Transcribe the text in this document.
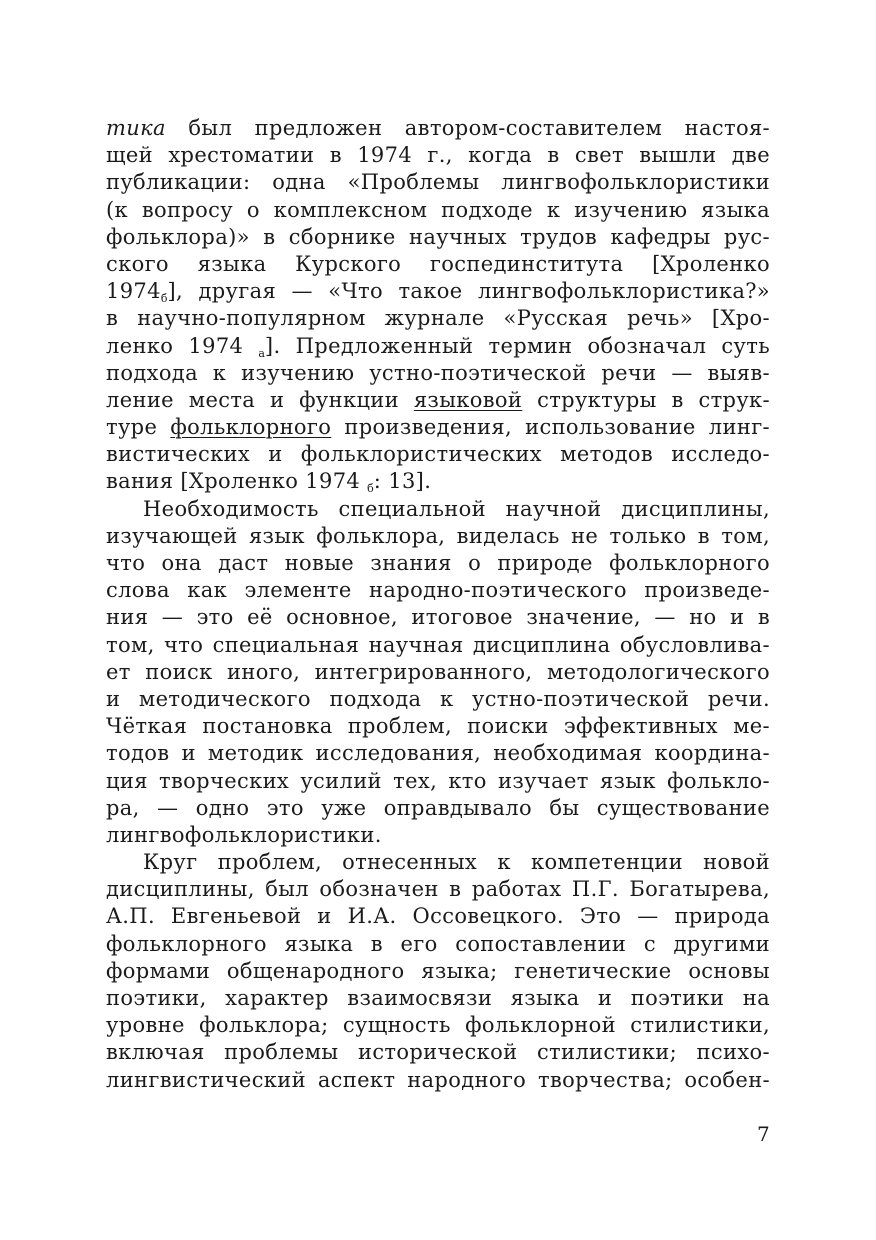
тика был предложен автором-составителем настоя-
щей хрестоматии в 1974 г., когда в свет вышли две
публикации: одна «Проблемы лингвофольклористики
(к вопросу о комплексном подходе к изучению языка
фольклора)» в сборнике научных трудов кафедры рус-
ского языка Курского госпединститута [Хроленко
$1974_б$], другая — «Что такое лингвофольклористика?»
в научно-популярном журнале «Русская речь» [Хро-
ленко 1974 $_а$]. Предложенный термин обозначал суть
подхода к изучению устно-поэтической речи — выяв-
ление места и функции языковой структуры в струк-
туре фольклорного произведения, использование линг-
вистических и фольклористических методов исследо-
вания [Хроленко 1974 $_б$: 13].
Необходимость специальной научной дисциплины,
изучающей язык фольклора, виделась не только в том,
что она даст новые знания о природе фольклорного
слова как элементе народно-поэтического произведе-
ния — это её основное, итоговое значение, — но и в
том, что специальная научная дисциплина обусловлива-
ет поиск иного, интегрированного, методологического
и методического подхода к устно-поэтической речи.
Чёткая постановка проблем, поиски эффективных ме-
тодов и методик исследования, необходимая координа-
ция творческих усилий тех, кто изучает язык фолькло-
ра, — одно это уже оправдывало бы существование
лингвофольклористики.
Круг проблем, отнесенных к компетенции новой
дисциплины, был обозначен в работах П.Г. Богатырева,
А.П. Евгеньевой и И.А. Оссовецкого. Это — природа
фольклорного языка в его сопоставлении с другими
формами общенародного языка; генетические основы
поэтики, характер взаимосвязи языка и поэтики на
уровне фольклора; сущность фольклорной стилистики,
включая проблемы исторической стилистики; психо-
лингвистический аспект народного творчества; особен-
7
